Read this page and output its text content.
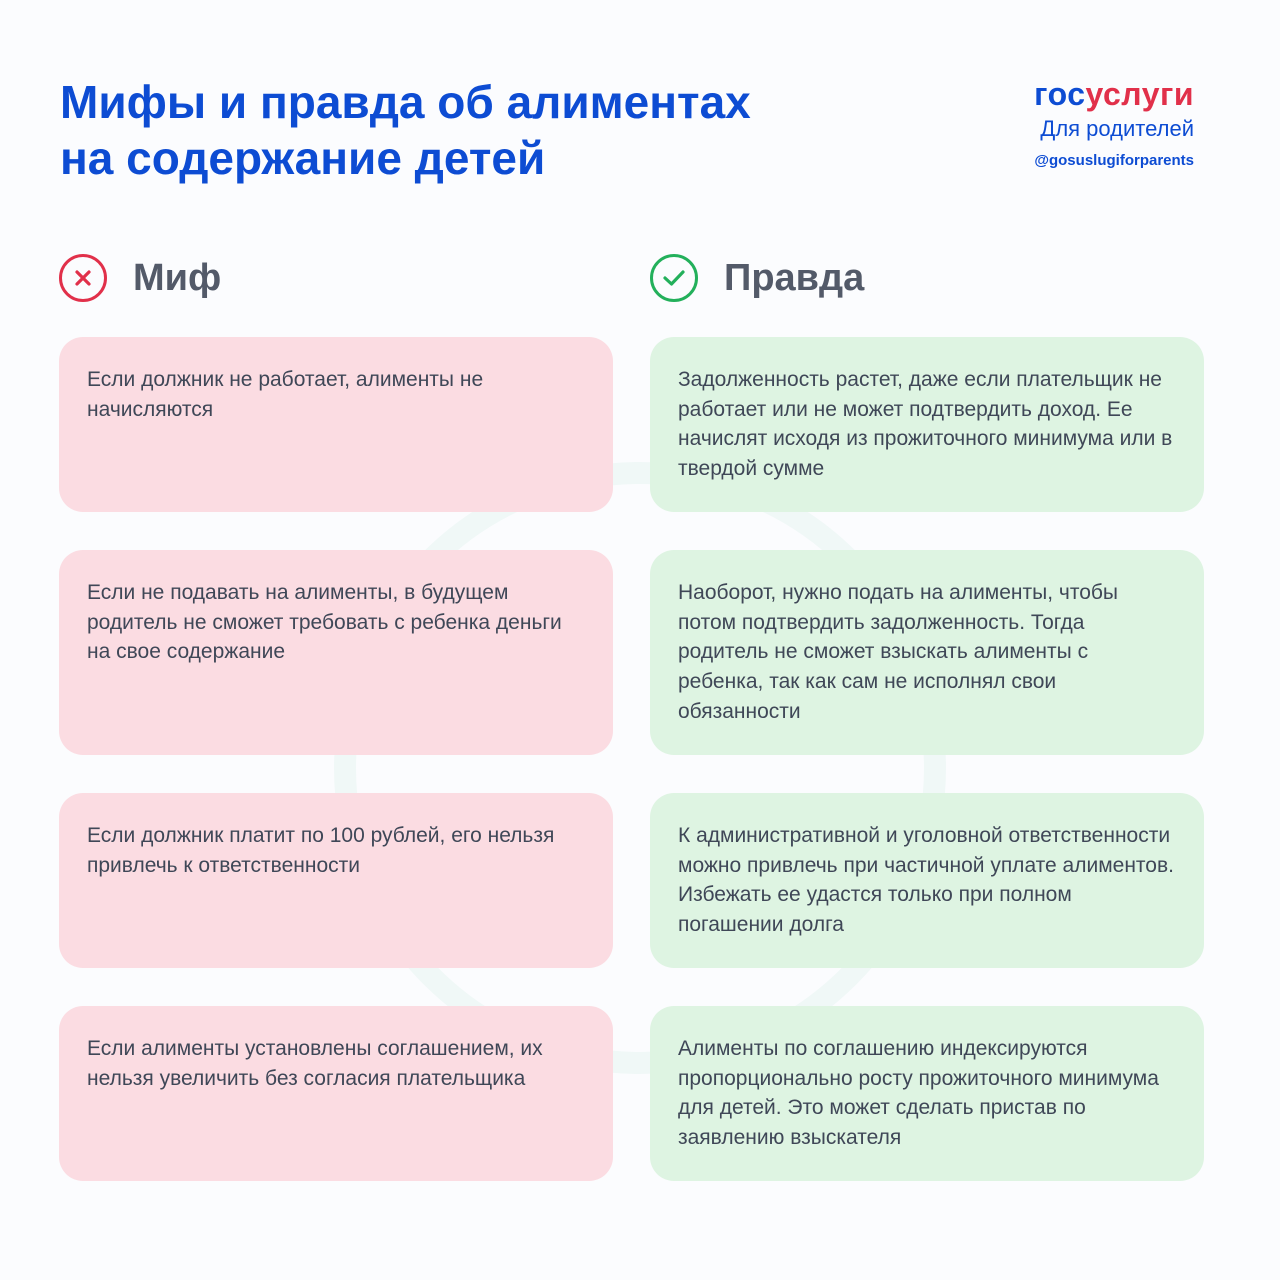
Мифы и правда об алиментах
на содержание детей
госуслуги
Для родителей
@gosuslugiforparents
Миф	Правда
Если должник не работает, алименты не начисляются
Задолженность растет, даже если плательщик не работает или не может подтвердить доход. Ее начислят исходя из прожиточного минимума или в твердой сумме
Если не подавать на алименты, в будущем родитель не сможет требовать с ребенка деньги на свое содержание
Наоборот, нужно подать на алименты, чтобы потом подтвердить задолженность. Тогда родитель не сможет взыскать алименты с ребенка, так как сам не исполнял свои обязанности
Если должник платит по 100 рублей, его нельзя привлечь к ответственности
К административной и уголовной ответственности можно привлечь при частичной уплате алиментов. Избежать ее удастся только при полном погашении долга
Если алименты установлены соглашением, их нельзя увеличить без согласия плательщика
Алименты по соглашению индексируются пропорционально росту прожиточного минимума для детей. Это может сделать пристав по заявлению взыскателя
